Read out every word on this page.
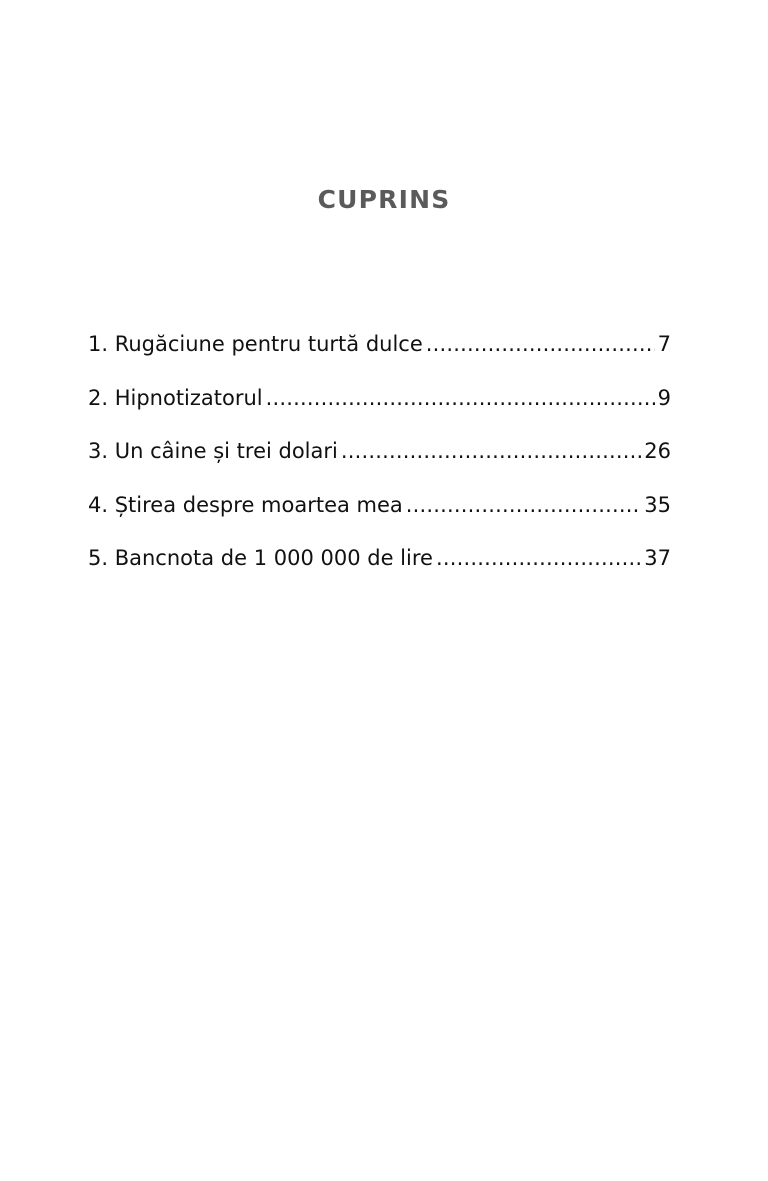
CUPRINS
1. Rugăciune pentru turtă dulce .....	7
2. Hipnotizatorul .....	9
3. Un câine și trei dolari .....	26
4. Știrea despre moartea mea .....	35
5. Bancnota de 1 000 000 de lire .....	37
